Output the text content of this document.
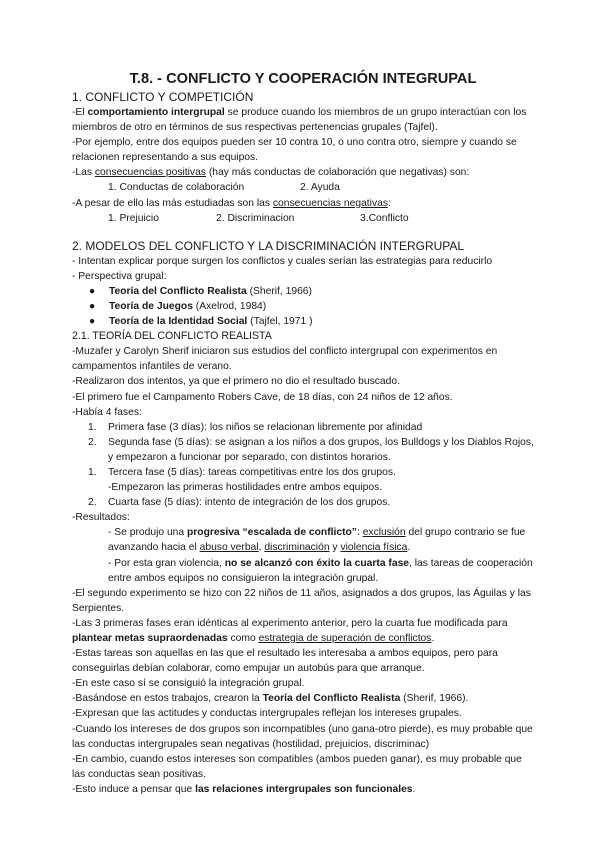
T.8. - CONFLICTO Y COOPERACIÓN INTEGRUPAL
1. CONFLICTO Y COMPETICIÓN

-El comportamiento intergrupal se produce cuando los miembros de un grupo interactúan con los miembros de otro en términos de sus respectivas pertenencias grupales (Tajfel).

-Por ejemplo, entre dos equipos pueden ser 10 contra 10, o uno contra otro, siempre y cuando se relacionen representando a sus equipos.

-Las consecuencias positivas (hay más conductas de colaboración que negativas) son:

1. Conductas de colaboración	2. Ayuda

-A pesar de ello las más estudiadas son las consecuencias negativas:

1. Prejuicio	2. Discriminacion	3.Conflicto
2. MODELOS DEL CONFLICTO Y LA DISCRIMINACIÓN INTERGRUPAL

- Intentan explicar porque surgen los conflictos y cuales serían las estrategias para reducirlo

- Perspectiva grupal:

●	Teoría del Conflicto Realista (Sherif, 1966)
●	Teoría de Juegos (Axelrod, 1984)
●	Teoría de la Identidad Social (Tajfel, 1971 )
2.1. TEORÍA DEL CONFLICTO REALISTA

-Muzafer y Carolyn Sherif iniciaron sus estudios del conflicto intergrupal con experimentos en campamentos infantiles de verano.

-Realizaron dos intentos, ya que el primero no dio el resultado buscado.

-El primero fue el Campamento Robers Cave, de 18 días, con 24 niños de 12 años.

-Había 4 fases:

1.	Primera fase (3 días): los niños se relacionan libremente por afinidad
2.	Segunda fase (5 días): se asignan a los niños a dos grupos, los Bulldogs y los Diablos Rojos, y empezaron a funcionar por separado, con distintos horarios.
1.	Tercera fase (5 días): tareas competitivas entre los dos grupos.
-Empezaron las primeras hostilidades entre ambos equipos.
2.	Cuarta fase (5 días): intento de integración de los dos grupos.

-Resultados:

- Se produjo una progresiva “escalada de conflicto”: exclusión del grupo contrario se fue avanzando hacia el abuso verbal, discriminación y violencia física.
- Por esta gran violencia, no se alcanzó con éxito la cuarta fase, las tareas de cooperación entre ambos equipos no consiguieron la integración grupal.

-El segundo experimento se hizo con 22 niños de 11 años, asignados a dos grupos, las Águilas y las Serpientes.

-Las 3 primeras fases eran idénticas al experimento anterior, pero la cuarta fue modificada para plantear metas supraordenadas como estrategia de superación de conflictos.

-Estas tareas son aquellas en las que el resultado les interesaba a ambos equipos, pero para conseguirlas debían colaborar, como empujar un autobús para que arranque.

-En este caso sí se consiguió la integración grupal.

-Basándose en estos trabajos, crearon la Teoría del Conflicto Realista (Sherif, 1966).

-Expresan que las actitudes y conductas intergrupales reflejan los intereses grupales.

-Cuando los intereses de dos grupos son incompatibles (uno gana-otro pierde), es muy probable que las conductas intergrupales sean negativas (hostilidad, prejuicios, discriminac)

-En cambio, cuando estos intereses son compatibles (ambos pueden ganar), es muy probable que las conductas sean positivas.

-Esto induce a pensar que las relaciones intergrupales son funcionales.
